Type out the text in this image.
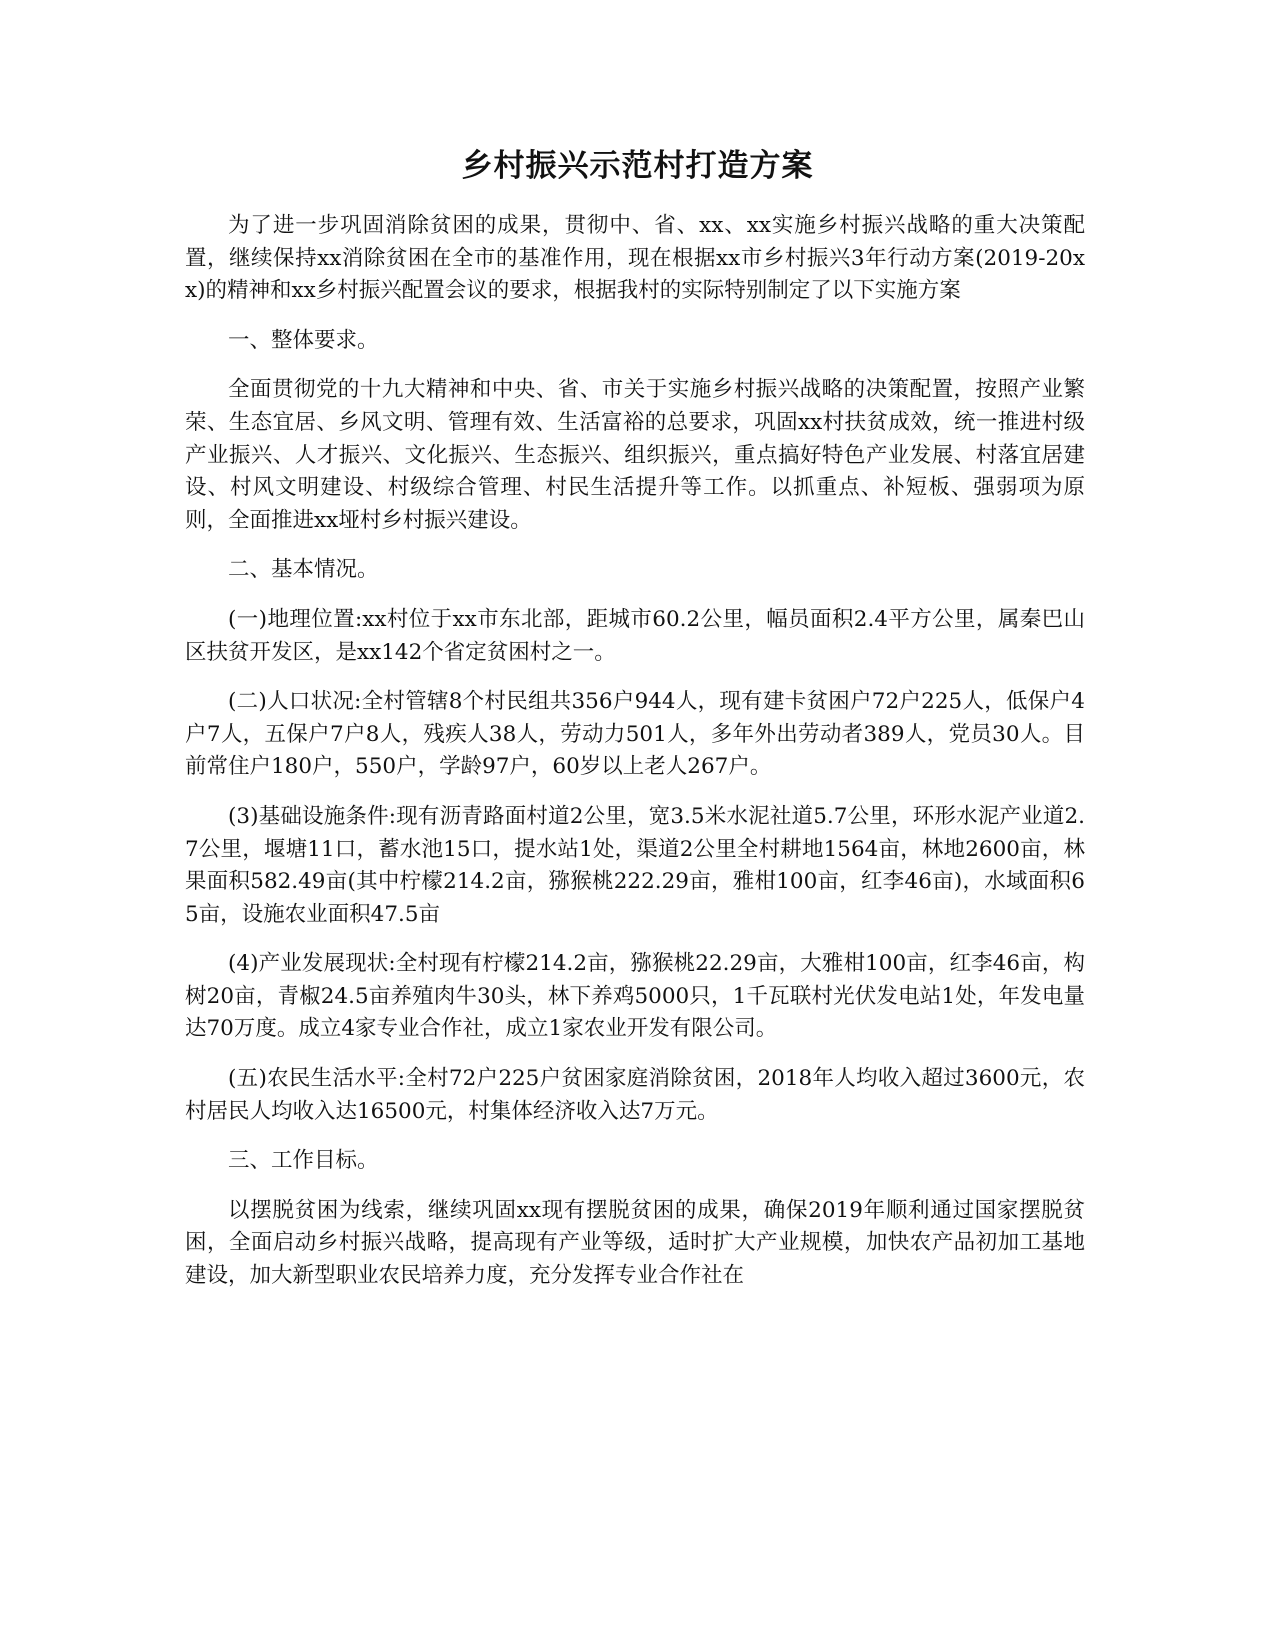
乡村振兴示范村打造方案

为了进一步巩固消除贫困的成果，贯彻中、省、xx、xx实施乡村振兴战略的重大决策配置，继续保持xx消除贫困在全市的基准作用，现在根据xx市乡村振兴3年行动方案(2019-20xx)的精神和xx乡村振兴配置会议的要求，根据我村的实际特别制定了以下实施方案

一、整体要求。

全面贯彻党的十九大精神和中央、省、市关于实施乡村振兴战略的决策配置，按照产业繁荣、生态宜居、乡风文明、管理有效、生活富裕的总要求，巩固xx村扶贫成效，统一推进村级产业振兴、人才振兴、文化振兴、生态振兴、组织振兴，重点搞好特色产业发展、村落宜居建设、村风文明建设、村级综合管理、村民生活提升等工作。以抓重点、补短板、强弱项为原则，全面推进xx垭村乡村振兴建设。

二、基本情况。

(一)地理位置:xx村位于xx市东北部，距城市60.2公里，幅员面积2.4平方公里，属秦巴山区扶贫开发区，是xx142个省定贫困村之一。

(二)人口状况:全村管辖8个村民组共356户944人，现有建卡贫困户72户225人，低保户4户7人，五保户7户8人，残疾人38人，劳动力501人，多年外出劳动者389人，党员30人。目前常住户180户，550户，学龄97户，60岁以上老人267户。

(3)基础设施条件:现有沥青路面村道2公里，宽3.5米水泥社道5.7公里，环形水泥产业道2.7公里，堰塘11口，蓄水池15口，提水站1处，渠道2公里全村耕地1564亩，林地2600亩，林果面积582.49亩(其中柠檬214.2亩，猕猴桃222.29亩，雅柑100亩，红李46亩)，水域面积65亩，设施农业面积47.5亩

(4)产业发展现状:全村现有柠檬214.2亩，猕猴桃22.29亩，大雅柑100亩，红李46亩，构树20亩，青椒24.5亩养殖肉牛30头，林下养鸡5000只，1千瓦联村光伏发电站1处，年发电量达70万度。成立4家专业合作社，成立1家农业开发有限公司。

(五)农民生活水平:全村72户225户贫困家庭消除贫困，2018年人均收入超过3600元，农村居民人均收入达16500元，村集体经济收入达7万元。

三、工作目标。

以摆脱贫困为线索，继续巩固xx现有摆脱贫困的成果，确保2019年顺利通过国家摆脱贫困，全面启动乡村振兴战略，提高现有产业等级，适时扩大产业规模，加快农产品初加工基地建设，加大新型职业农民培养力度，充分发挥专业合作社在
